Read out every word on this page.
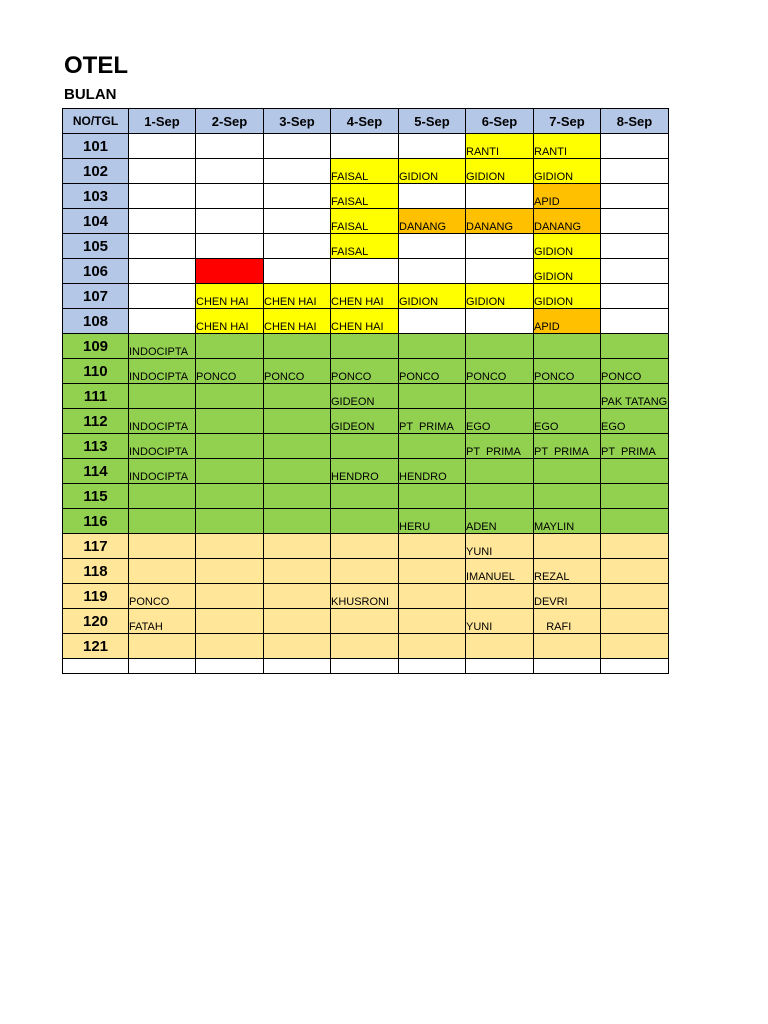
OTEL
BULAN
NO/TGL	1-Sep	2-Sep	3-Sep	4-Sep	5-Sep	6-Sep	7-Sep	8-Sep
101						RANTI	RANTI	
102				FAISAL	GIDION	GIDION	GIDION	
103				FAISAL			APID	
104				FAISAL	DANANG	DANANG	DANANG	
105				FAISAL			GIDION	
106							GIDION	
107		CHEN HAI	CHEN HAI	CHEN HAI	GIDION	GIDION	GIDION	
108		CHEN HAI	CHEN HAI	CHEN HAI			APID	
109	INDOCIPTA							
110	INDOCIPTA	PONCO	PONCO	PONCO	PONCO	PONCO	PONCO	PONCO
111				GIDEON				PAK TATANG
112	INDOCIPTA			GIDEON	PT  PRIMA	EGO	EGO	EGO
113	INDOCIPTA					PT  PRIMA	PT  PRIMA	PT  PRIMA
114	INDOCIPTA			HENDRO	HENDRO			
115								
116					HERU	ADEN	MAYLIN	
117						YUNI		
118						IMANUEL	REZAL	
119	PONCO			KHUSRONI			DEVRI	
120	FATAH					YUNI	RAFI	
121								
